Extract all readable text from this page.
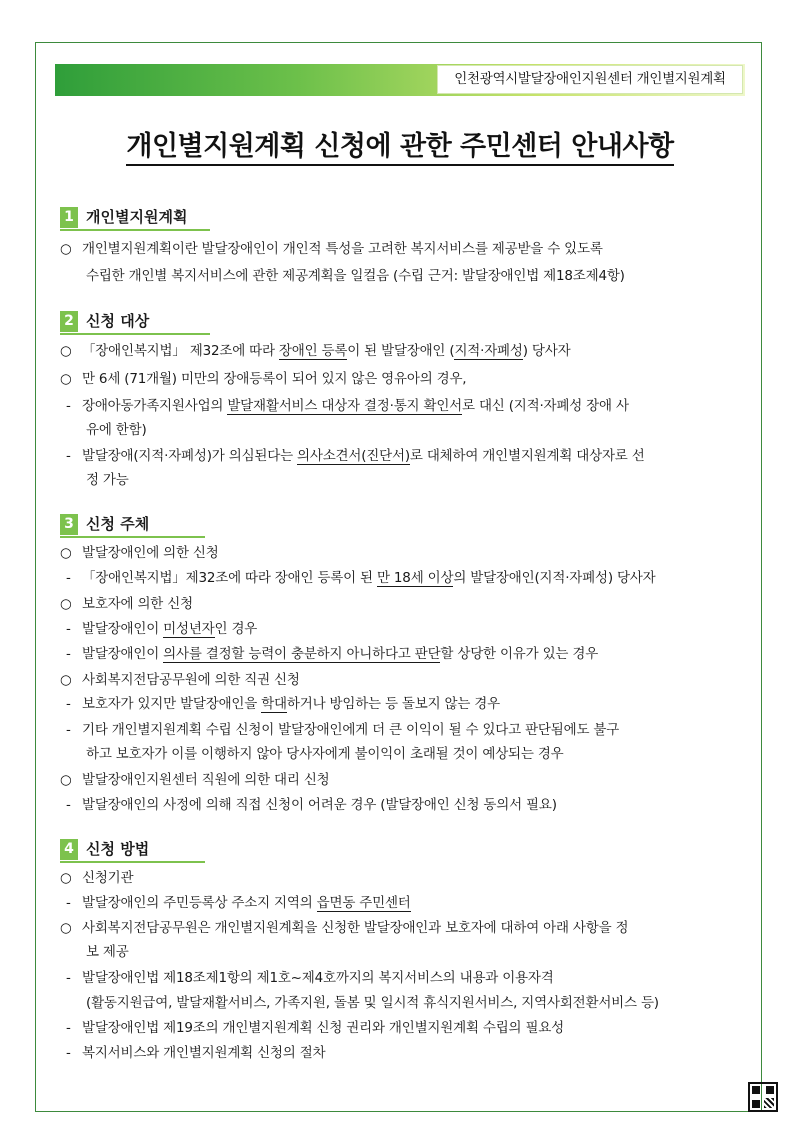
인천광역시발달장애인지원센터 개인별지원계획
개인별지원계획 신청에 관한 주민센터 안내사항
1 개인별지원계획
○ 개인별지원계획이란 발달장애인이 개인적 특성을 고려한 복지서비스를 제공받을 수 있도록
수립한 개인별 복지서비스에 관한 제공계획을 일컬음 (수립 근거: 발달장애인법 제18조제4항)
2 신청 대상
○ 「장애인복지법」 제32조에 따라 장애인 등록이 된 발달장애인 (지적·자폐성) 당사자
○ 만 6세 (71개월) 미만의 장애등록이 되어 있지 않은 영유아의 경우,
- 장애아동가족지원사업의 발달재활서비스 대상자 결정·통지 확인서로 대신 (지적·자폐성 장애 사
유에 한함)
- 발달장애(지적·자폐성)가 의심된다는 의사소견서(진단서)로 대체하여 개인별지원계획 대상자로 선
정 가능
3 신청 주체
○ 발달장애인에 의한 신청
- 「장애인복지법」제32조에 따라 장애인 등록이 된 만 18세 이상의 발달장애인(지적·자폐성) 당사자
○ 보호자에 의한 신청
- 발달장애인이 미성년자인 경우
- 발달장애인이 의사를 결정할 능력이 충분하지 아니하다고 판단할 상당한 이유가 있는 경우
○ 사회복지전담공무원에 의한 직권 신청
- 보호자가 있지만 발달장애인을 학대하거나 방임하는 등 돌보지 않는 경우
- 기타 개인별지원계획 수립 신청이 발달장애인에게 더 큰 이익이 될 수 있다고 판단됨에도 불구
하고 보호자가 이를 이행하지 않아 당사자에게 불이익이 초래될 것이 예상되는 경우
○ 발달장애인지원센터 직원에 의한 대리 신청
- 발달장애인의 사정에 의해 직접 신청이 어려운 경우 (발달장애인 신청 동의서 필요)
4 신청 방법
○ 신청기관
- 발달장애인의 주민등록상 주소지 지역의 읍면동 주민센터
○ 사회복지전담공무원은 개인별지원계획을 신청한 발달장애인과 보호자에 대하여 아래 사항을 정
보 제공
- 발달장애인법 제18조제1항의 제1호~제4호까지의 복지서비스의 내용과 이용자격
(활동지원급여, 발달재활서비스, 가족지원, 돌봄 및 일시적 휴식지원서비스, 지역사회전환서비스 등)
- 발달장애인법 제19조의 개인별지원계획 신청 권리와 개인별지원계획 수립의 필요성
- 복지서비스와 개인별지원계획 신청의 절차
